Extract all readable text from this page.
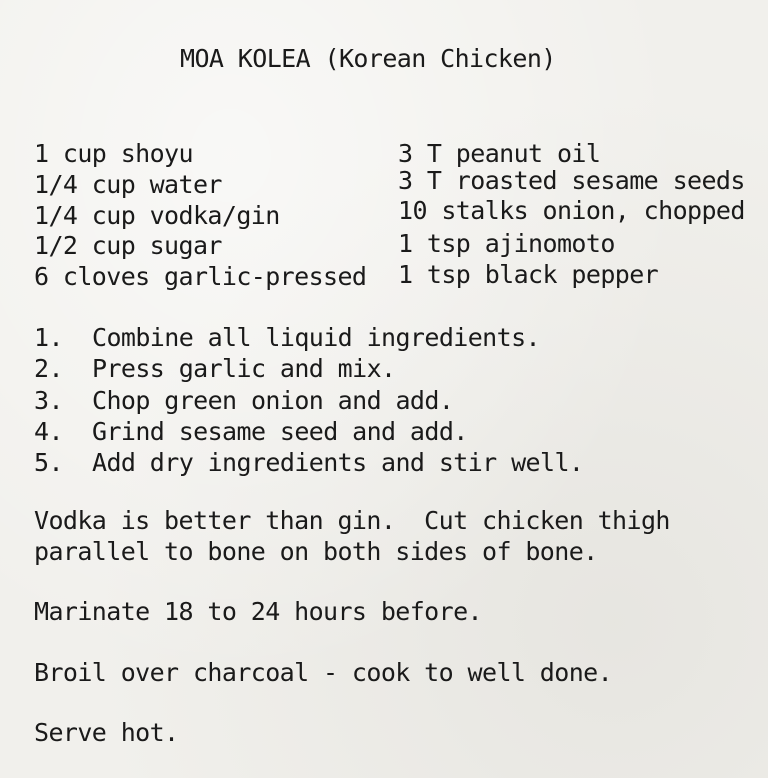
MOA KOLEA (Korean Chicken)
1 cup shoyu
1/4 cup water
1/4 cup vodka/gin
1/2 cup sugar
6 cloves garlic-pressed
3 T peanut oil
3 T roasted sesame seeds
10 stalks onion, chopped
1 tsp ajinomoto
1 tsp black pepper
1. Combine all liquid ingredients.
2. Press garlic and mix.
3. Chop green onion and add.
4. Grind sesame seed and add.
5. Add dry ingredients and stir well.
Vodka is better than gin.  Cut chicken thigh
parallel to bone on both sides of bone.
Marinate 18 to 24 hours before.
Broil over charcoal - cook to well done.
Serve hot.
